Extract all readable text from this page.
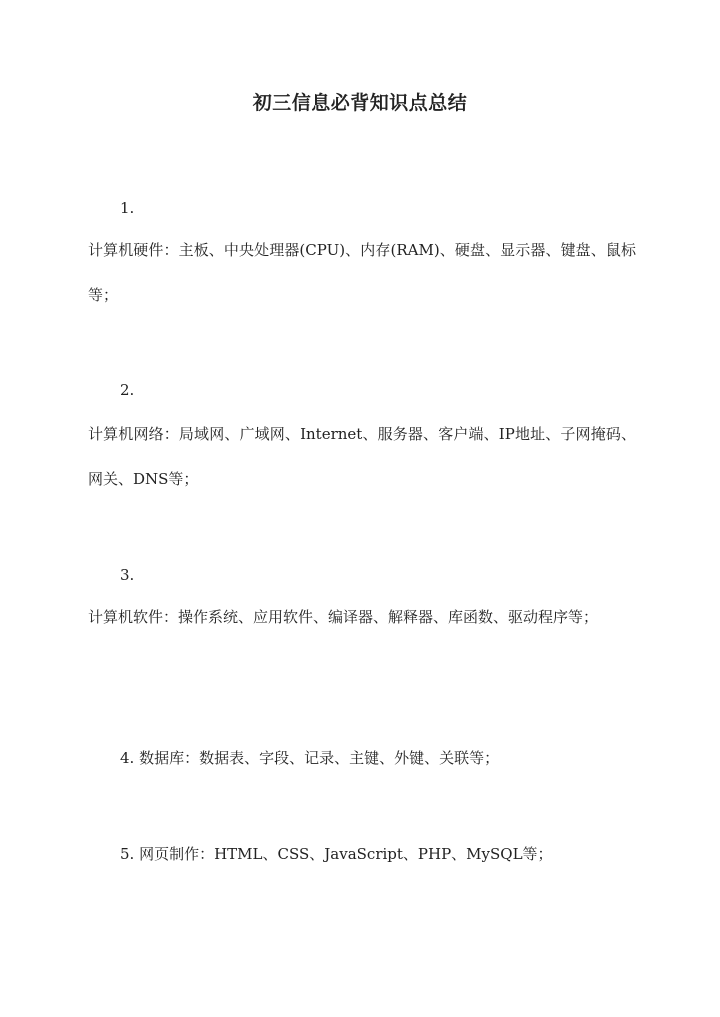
初三信息必背知识点总结
1.
计算机硬件：主板、中央处理器(CPU)、内存(RAM)、硬盘、显示器、键盘、鼠标等；
2.
计算机网络：局域网、广域网、Internet、服务器、客户端、IP地址、子网掩码、网关、DNS等；
3.
计算机软件：操作系统、应用软件、编译器、解释器、库函数、驱动程序等；
4. 数据库：数据表、字段、记录、主键、外键、关联等；
5. 网页制作：HTML、CSS、JavaScript、PHP、MySQL等；
